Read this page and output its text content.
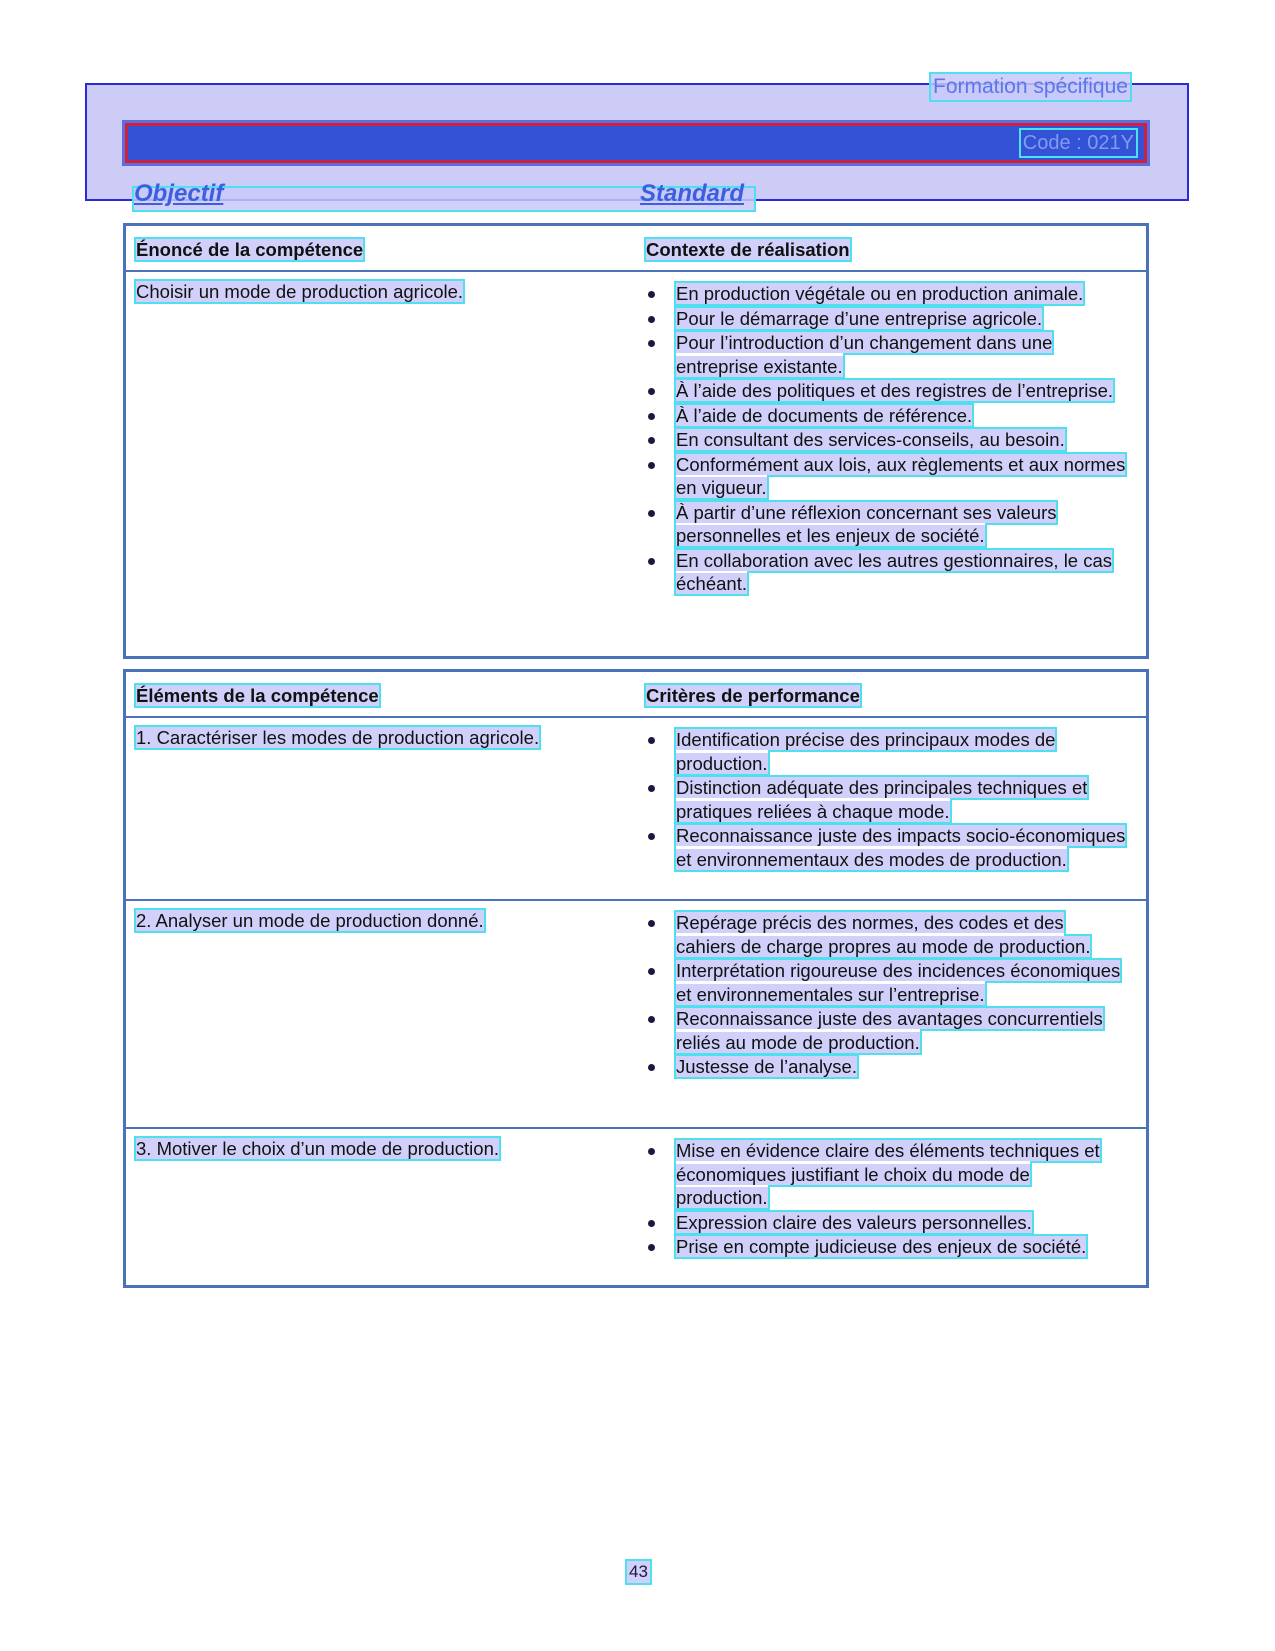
Formation spécifique
Code : 021Y
Objectif	Standard
Énoncé de la compétence	Contexte de réalisation
Choisir un mode de production agricole.	En production végétale ou en production animale.
Pour le démarrage d’une entreprise agricole.
Pour l’introduction d’un changement dans une entreprise existante.
À l’aide des politiques et des registres de l’entreprise.
À l’aide de documents de référence.
En consultant des services-conseils, au besoin.
Conformément aux lois, aux règlements et aux normes en vigueur.
À partir d’une réflexion concernant ses valeurs personnelles et les enjeux de société.
En collaboration avec les autres gestionnaires, le cas échéant.
Éléments de la compétence	Critères de performance
1. Caractériser les modes de production agricole.	Identification précise des principaux modes de production.
Distinction adéquate des principales techniques et pratiques reliées à chaque mode.
Reconnaissance juste des impacts socio-économiques et environnementaux des modes de production.
2. Analyser un mode de production donné.	Repérage précis des normes, des codes et des cahiers de charge propres au mode de production.
Interprétation rigoureuse des incidences économiques et environnementales sur l’entreprise.
Reconnaissance juste des avantages concurrentiels reliés au mode de production.
Justesse de l’analyse.
3. Motiver le choix d’un mode de production.	Mise en évidence claire des éléments techniques et économiques justifiant le choix du mode de production.
Expression claire des valeurs personnelles.
Prise en compte judicieuse des enjeux de société.
43
